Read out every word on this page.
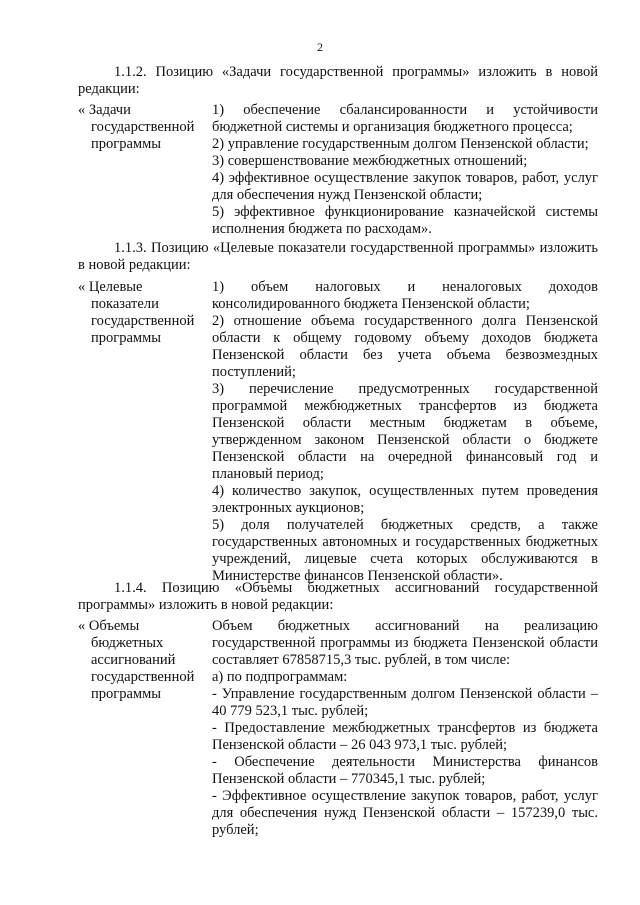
2

1.1.2. Позицию «Задачи государственной программы» изложить в новой редакции:

« Задачи
государственной
программы

1) обеспечение сбалансированности и устойчивости бюджетной системы и организация бюджетного процесса;

2) управление государственным долгом Пензенской области;

3) совершенствование межбюджетных отношений;

4) эффективное осуществление закупок товаров, работ, услуг для обеспечения нужд Пензенской области;

5) эффективное функционирование казначейской системы исполнения бюджета по расходам».

1.1.3. Позицию «Целевые показатели государственной программы» изложить в новой редакции:

« Целевые
показатели
государственной
программы

1) объем налоговых и неналоговых доходов консолидированного бюджета Пензенской области;

2) отношение объема государственного долга Пензенской области к общему годовому объему доходов бюджета Пензенской области без учета объема безвозмездных поступлений;

3) перечисление предусмотренных государственной программой межбюджетных трансфертов из бюджета Пензенской области местным бюджетам в объеме, утвержденном законом Пензенской области о бюджете Пензенской области на очередной финансовый год и плановый период;

4) количество закупок, осуществленных путем проведения электронных аукционов;

5) доля получателей бюджетных средств, а также государственных автономных и государственных бюджетных учреждений, лицевые счета которых обслуживаются в Министерстве финансов Пензенской области».

1.1.4. Позицию «Объемы бюджетных ассигнований государственной программы» изложить в новой редакции:

« Объемы
бюджетных
ассигнований
государственной
программы

Объем бюджетных ассигнований на реализацию государственной программы из бюджета Пензенской области составляет 67858715,3 тыс. рублей, в том числе:

а) по подпрограммам:

- Управление государственным долгом Пензенской области – 40 779 523,1 тыс. рублей;

- Предоставление межбюджетных трансфертов из бюджета Пензенской области – 26 043 973,1 тыс. рублей;

- Обеспечение деятельности Министерства финансов Пензенской области – 770345,1 тыс. рублей;

- Эффективное осуществление закупок товаров, работ, услуг для обеспечения нужд Пензенской области – 157239,0 тыс. рублей;
